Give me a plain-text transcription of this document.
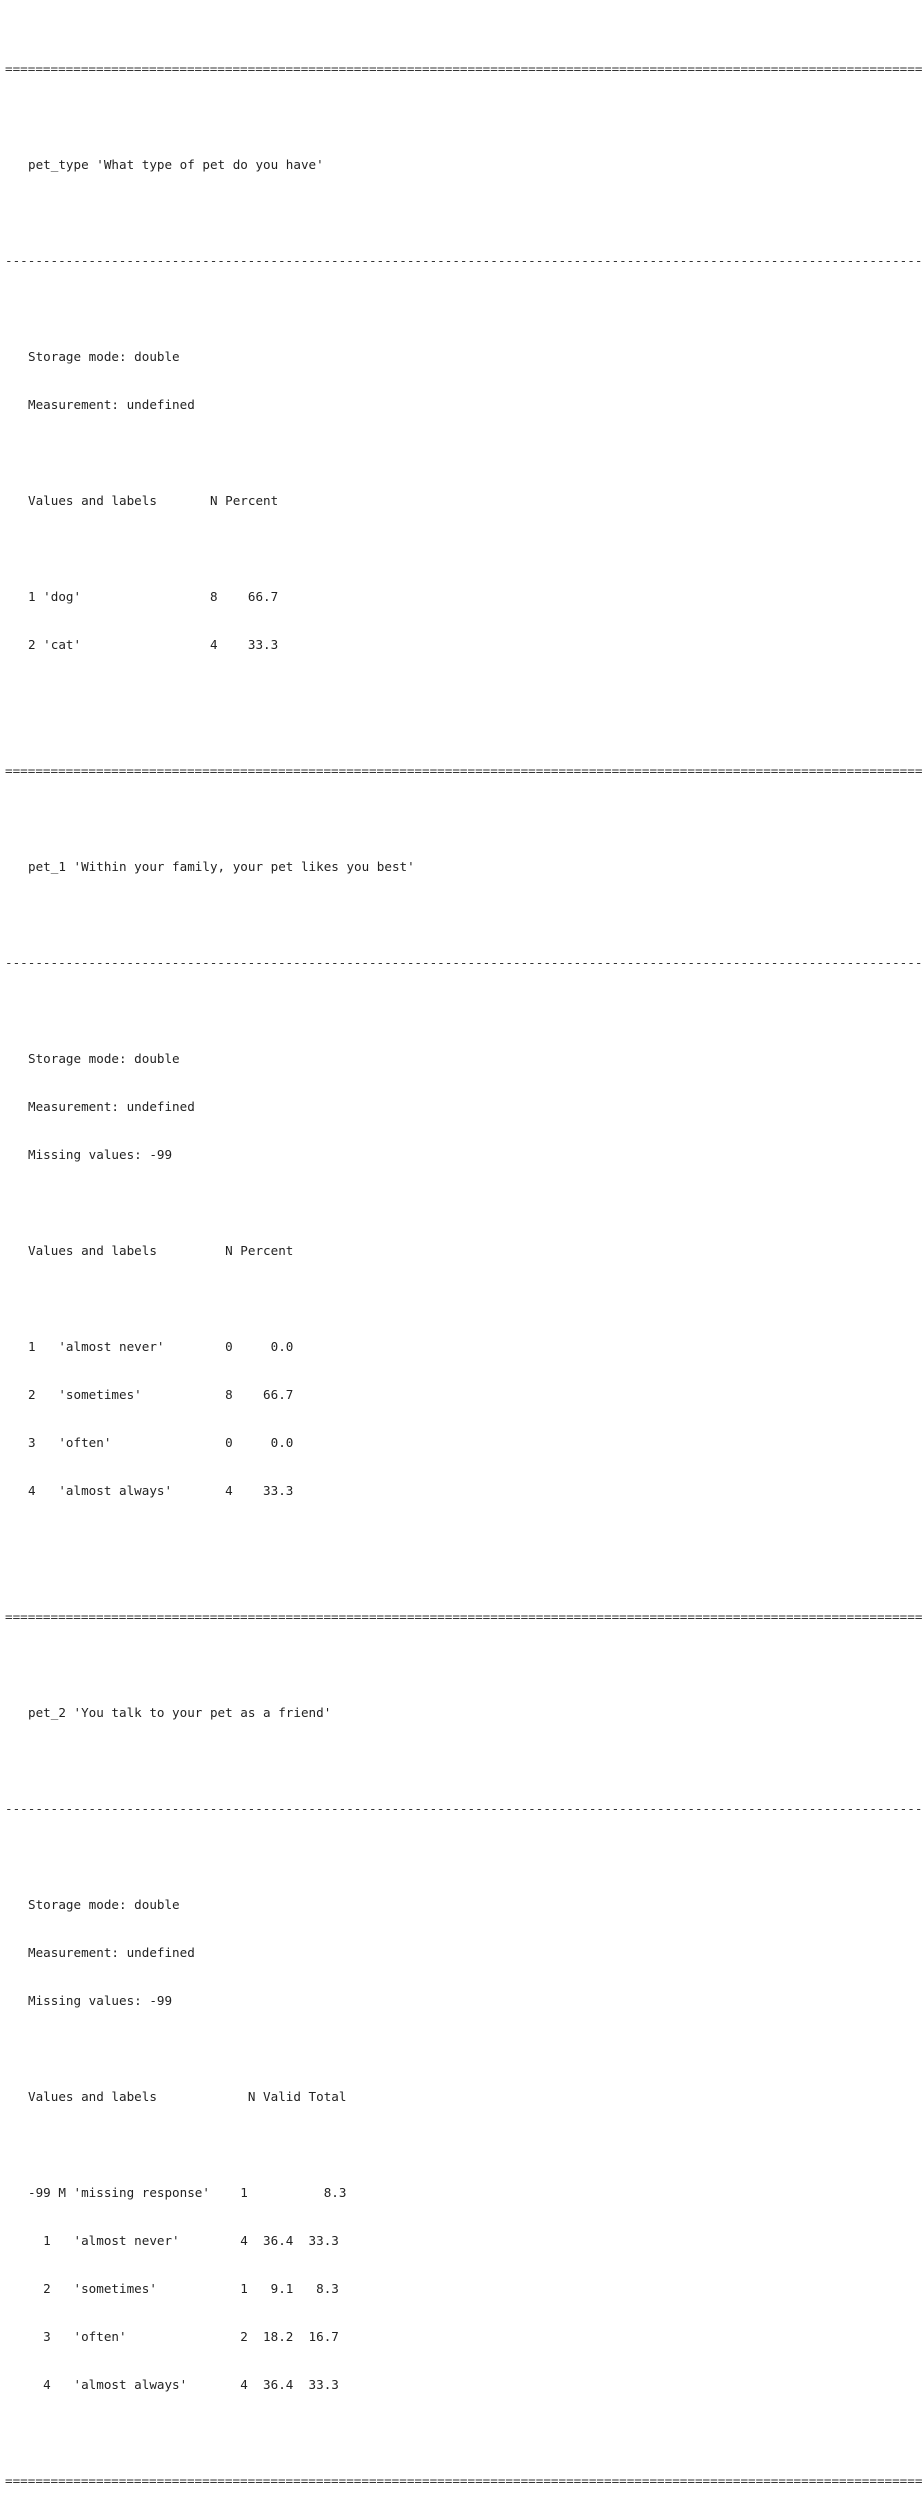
=========================================================================================================================

pet_type 'What type of pet do you have'

-------------------------------------------------------------------------------------------------------------------------

Storage mode: double

Measurement: undefined

Values and labels       N Percent

1 'dog'                 8    66.7

2 'cat'                 4    33.3

=========================================================================================================================

pet_1 'Within your family, your pet likes you best'

-------------------------------------------------------------------------------------------------------------------------

Storage mode: double

Measurement: undefined

Missing values: -99

Values and labels         N Percent

1   'almost never'        0     0.0

2   'sometimes'           8    66.7

3   'often'               0     0.0

4   'almost always'       4    33.3

=========================================================================================================================

pet_2 'You talk to your pet as a friend'

-------------------------------------------------------------------------------------------------------------------------

Storage mode: double

Measurement: undefined

Missing values: -99

Values and labels            N Valid Total

-99 M 'missing response'    1          8.3

1   'almost never'        4  36.4  33.3

2   'sometimes'           1   9.1   8.3

3   'often'               2  18.2  16.7

4   'almost always'       4  36.4  33.3

=========================================================================================================================
